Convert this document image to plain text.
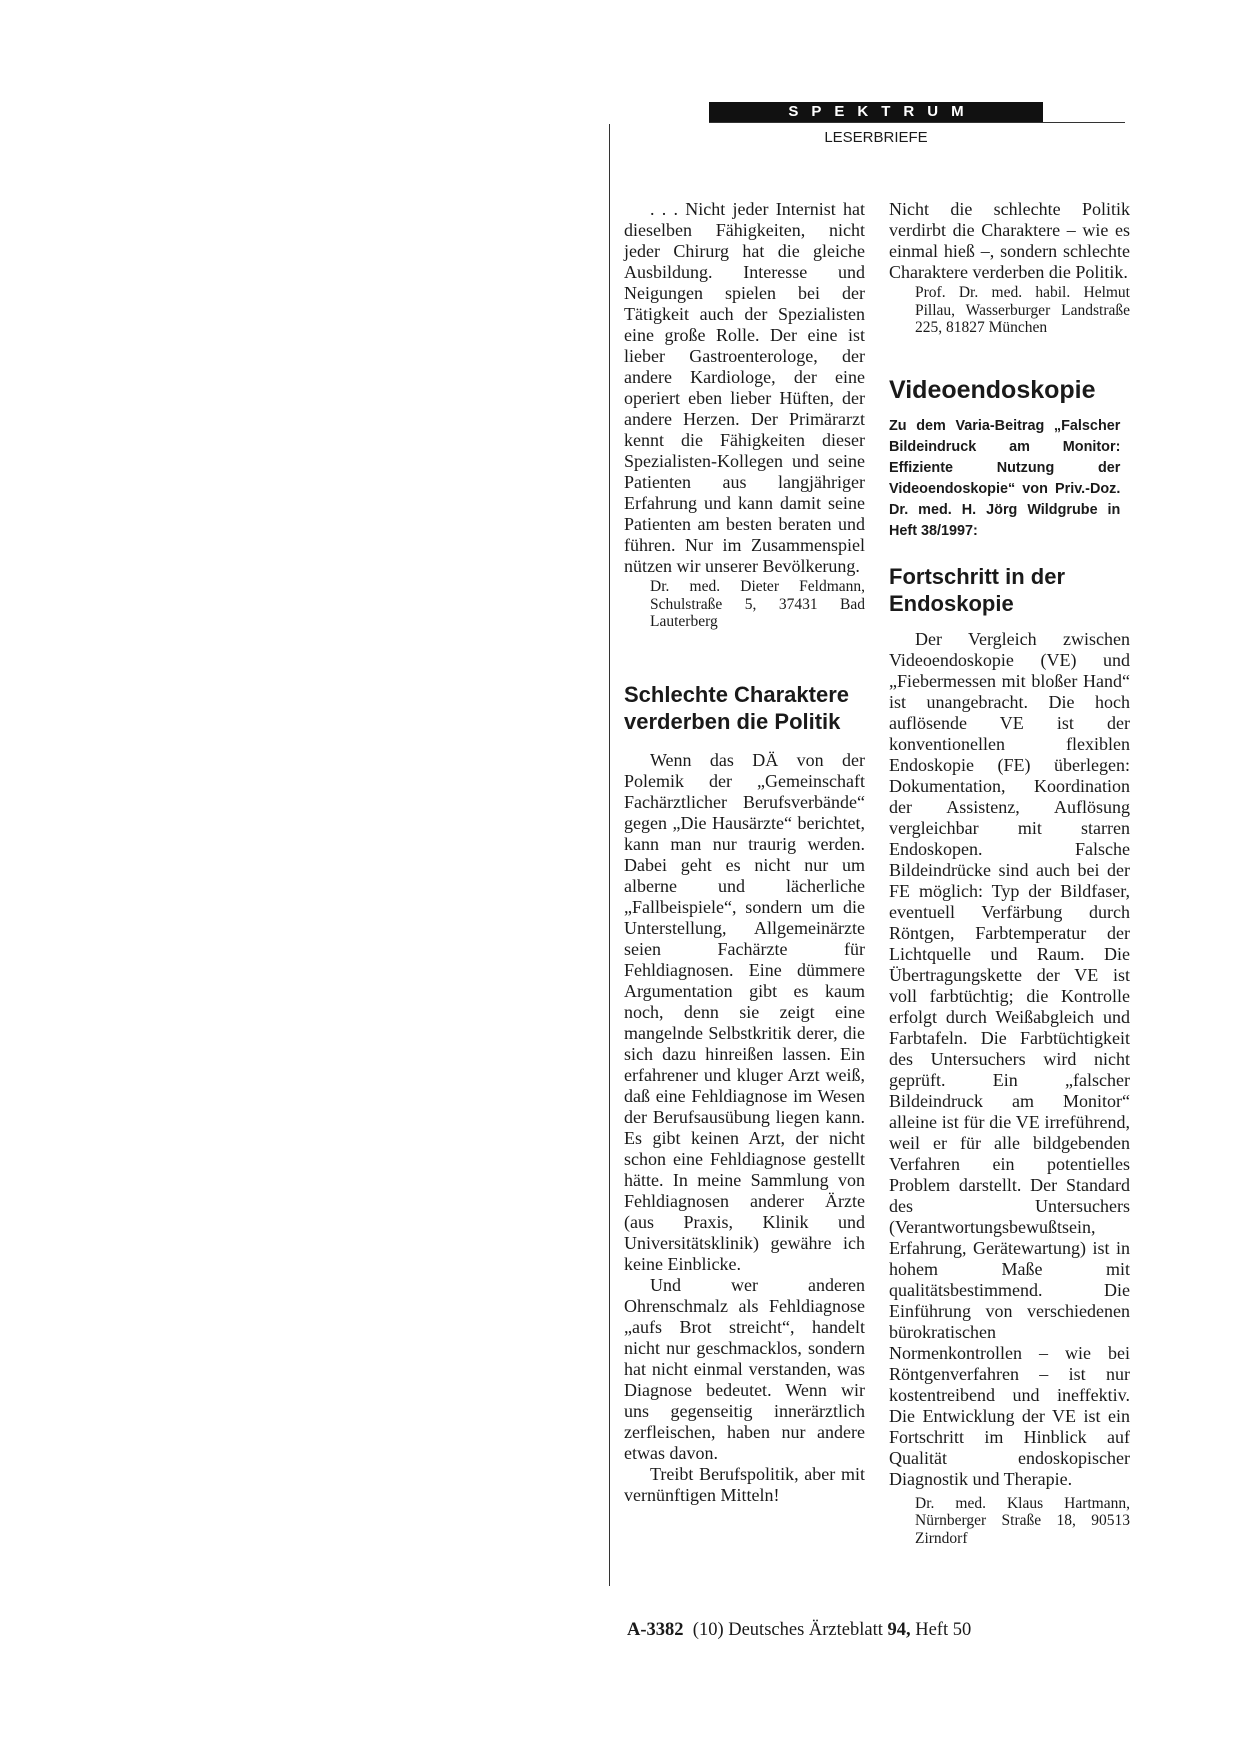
SPEKTRUM
LESERBRIEFE

. . . Nicht jeder Internist hat dieselben Fähigkeiten, nicht jeder Chirurg hat die gleiche Ausbildung. Interesse und Neigungen spielen bei der Tätigkeit auch der Spezialisten eine große Rolle. Der eine ist lieber Gastroenterologe, der andere Kardiologe, der eine operiert eben lieber Hüften, der andere Herzen. Der Primärarzt kennt die Fähigkeiten dieser Spezialisten-Kollegen und seine Patienten aus langjähriger Erfahrung und kann damit seine Patienten am besten beraten und führen. Nur im Zusammenspiel nützen wir unserer Bevölkerung.

Dr. med. Dieter Feldmann, Schulstraße 5, 37431 Bad Lauterberg

Schlechte Charaktere verderben die Politik

Wenn das DÄ von der Polemik der „Gemeinschaft Fachärztlicher Berufsverbände“ gegen „Die Hausärzte“ berichtet, kann man nur traurig werden. Dabei geht es nicht nur um alberne und lächerliche „Fallbeispiele“, sondern um die Unterstellung, Allgemeinärzte seien Fachärzte für Fehldiagnosen. Eine dümmere Argumentation gibt es kaum noch, denn sie zeigt eine mangelnde Selbstkritik derer, die sich dazu hinreißen lassen. Ein erfahrener und kluger Arzt weiß, daß eine Fehldiagnose im Wesen der Berufsausübung liegen kann. Es gibt keinen Arzt, der nicht schon eine Fehldiagnose gestellt hätte. In meine Sammlung von Fehldiagnosen anderer Ärzte (aus Praxis, Klinik und Universitätsklinik) gewähre ich keine Einblicke.

Und wer anderen Ohrenschmalz als Fehldiagnose „aufs Brot streicht“, handelt nicht nur geschmacklos, sondern hat nicht einmal verstanden, was Diagnose bedeutet. Wenn wir uns gegenseitig innerärztlich zerfleischen, haben nur andere etwas davon.

Treibt Berufspolitik, aber mit vernünftigen Mitteln!

Nicht die schlechte Politik verdirbt die Charaktere – wie es einmal hieß –, sondern schlechte Charaktere verderben die Politik.

Prof. Dr. med. habil. Helmut Pillau, Wasserburger Landstraße 225, 81827 München

Videoendoskopie

Zu dem Varia-Beitrag „Falscher Bildeindruck am Monitor: Effiziente Nutzung der Videoendoskopie“ von Priv.-Doz. Dr. med. H. Jörg Wildgrube in Heft 38/1997:

Fortschritt in der Endoskopie

Der Vergleich zwischen Videoendoskopie (VE) und „Fiebermessen mit bloßer Hand“ ist unangebracht. Die hoch auflösende VE ist der konventionellen flexiblen Endoskopie (FE) überlegen: Dokumentation, Koordination der Assistenz, Auflösung vergleichbar mit starren Endoskopen. Falsche Bildeindrücke sind auch bei der FE möglich: Typ der Bildfaser, eventuell Verfärbung durch Röntgen, Farbtemperatur der Lichtquelle und Raum. Die Übertragungskette der VE ist voll farbtüchtig; die Kontrolle erfolgt durch Weißabgleich und Farbtafeln. Die Farbtüchtigkeit des Untersuchers wird nicht geprüft. Ein „falscher Bildeindruck am Monitor“ alleine ist für die VE irreführend, weil er für alle bildgebenden Verfahren ein potentielles Problem darstellt. Der Standard des Untersuchers (Verantwortungsbewußtsein, Erfahrung, Gerätewartung) ist in hohem Maße mit qualitätsbestimmend. Die Einführung von verschiedenen bürokratischen Normenkontrollen – wie bei Röntgenverfahren – ist nur kostentreibend und ineffektiv. Die Entwicklung der VE ist ein Fortschritt im Hinblick auf Qualität endoskopischer Diagnostik und Therapie.

Dr. med. Klaus Hartmann, Nürnberger Straße 18, 90513 Zirndorf

A-3382 (10) Deutsches Ärzteblatt 94, Heft 50
